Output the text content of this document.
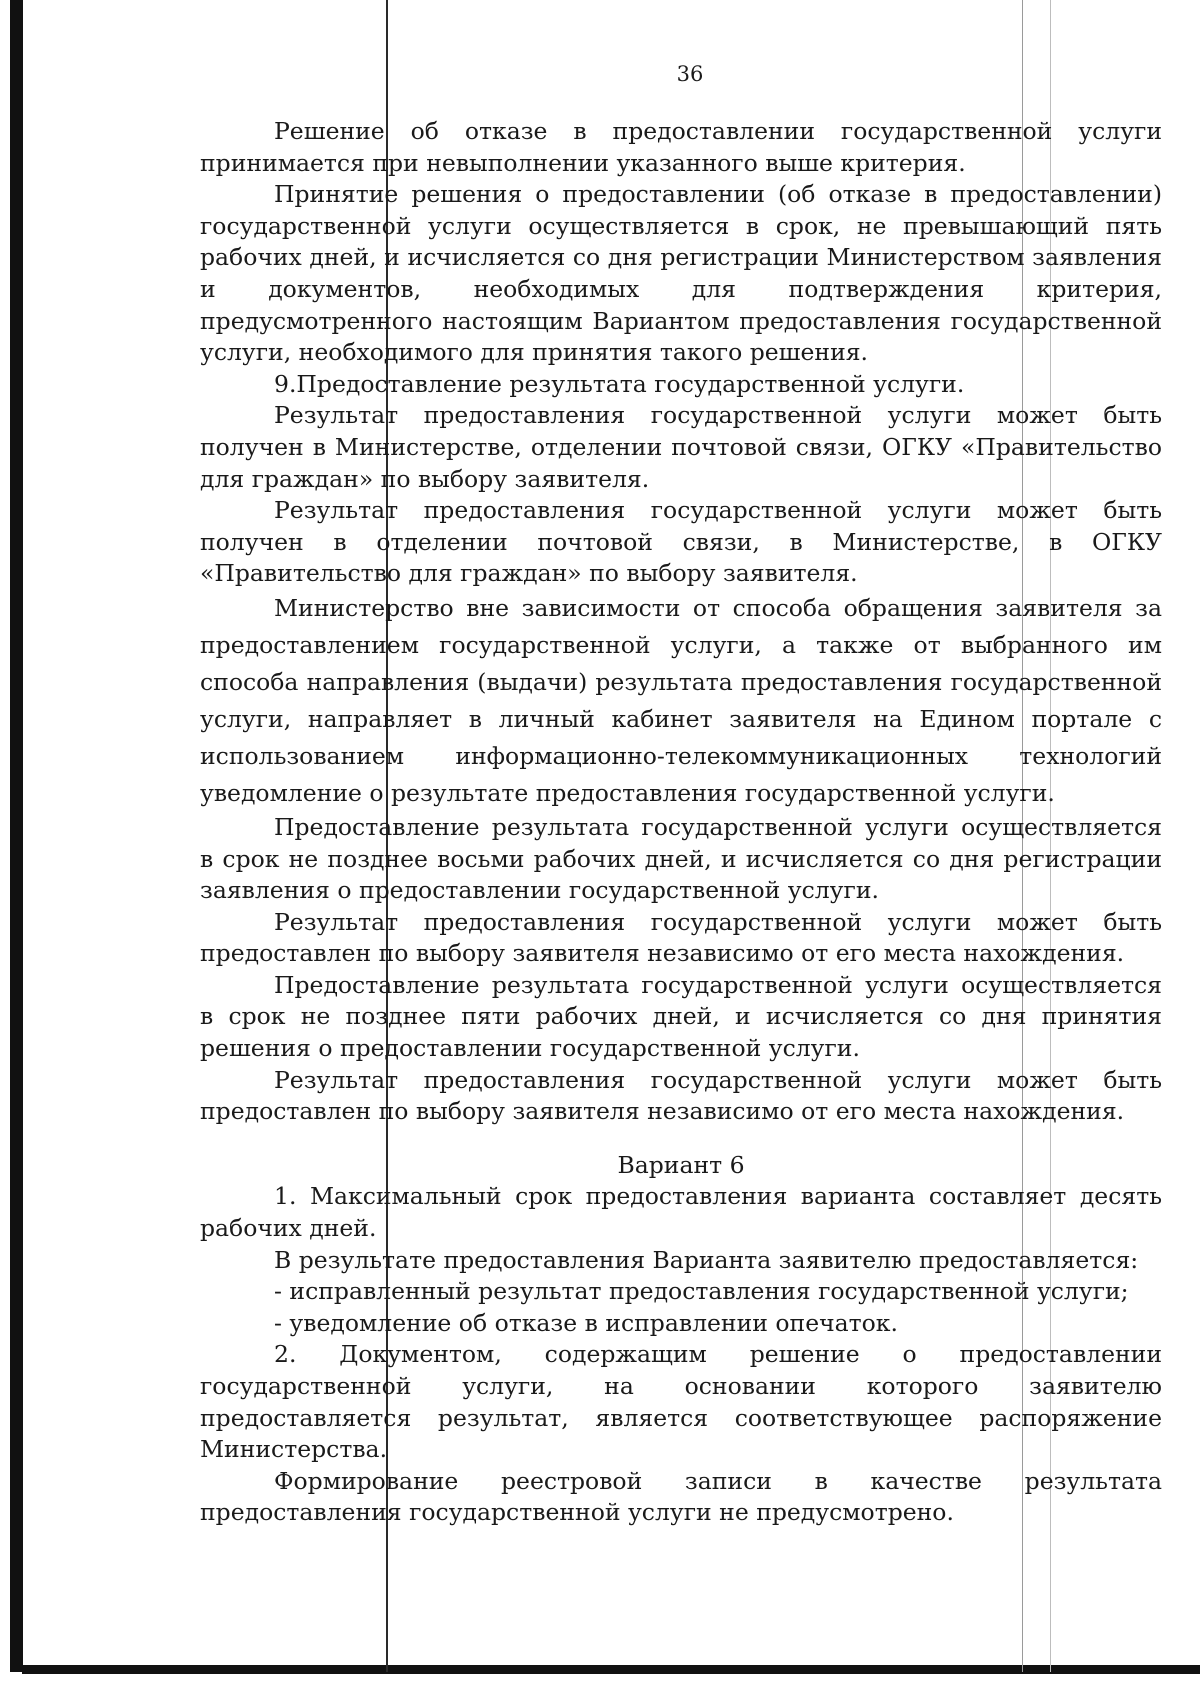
36

Решение об отказе в предоставлении государственной услуги принимается при невыполнении указанного выше критерия.

Принятие решения о предоставлении (об отказе в предоставлении) государственной услуги осуществляется в срок, не превышающий пять рабочих дней, и исчисляется со дня регистрации Министерством заявления и документов, необходимых для подтверждения критерия, предусмотренного настоящим Вариантом предоставления государственной услуги, необходимого для принятия такого решения.

9.Предоставление результата государственной услуги.

Результат предоставления государственной услуги может быть получен в Министерстве, отделении почтовой связи, ОГКУ «Правительство для граждан» по выбору заявителя.

Результат предоставления государственной услуги может быть получен в отделении почтовой связи, в Министерстве, в ОГКУ «Правительство для граждан» по выбору заявителя.

Министерство вне зависимости от способа обращения заявителя за предоставлением государственной услуги, а также от выбранного им способа направления (выдачи) результата предоставления государственной услуги, направляет в личный кабинет заявителя на Едином портале с использованием информационно-телекоммуникационных технологий уведомление о результате предоставления государственной услуги.

Предоставление результата государственной услуги осуществляется в срок не позднее восьми рабочих дней, и исчисляется со дня регистрации заявления о предоставлении государственной услуги.

Результат предоставления государственной услуги может быть предоставлен по выбору заявителя независимо от его места нахождения.

Предоставление результата государственной услуги осуществляется в срок не позднее пяти рабочих дней, и исчисляется со дня принятия решения о предоставлении государственной услуги.

Результат предоставления государственной услуги может быть предоставлен по выбору заявителя независимо от его места нахождения.

Вариант 6

1. Максимальный срок предоставления варианта составляет десять рабочих дней.

В результате предоставления Варианта заявителю предоставляется:

- исправленный результат предоставления государственной услуги;

- уведомление об отказе в исправлении опечаток.

2. Документом, содержащим решение о предоставлении государственной услуги, на основании которого заявителю предоставляется результат, является соответствующее распоряжение Министерства.

Формирование реестровой записи в качестве результата предоставления государственной услуги не предусмотрено.
